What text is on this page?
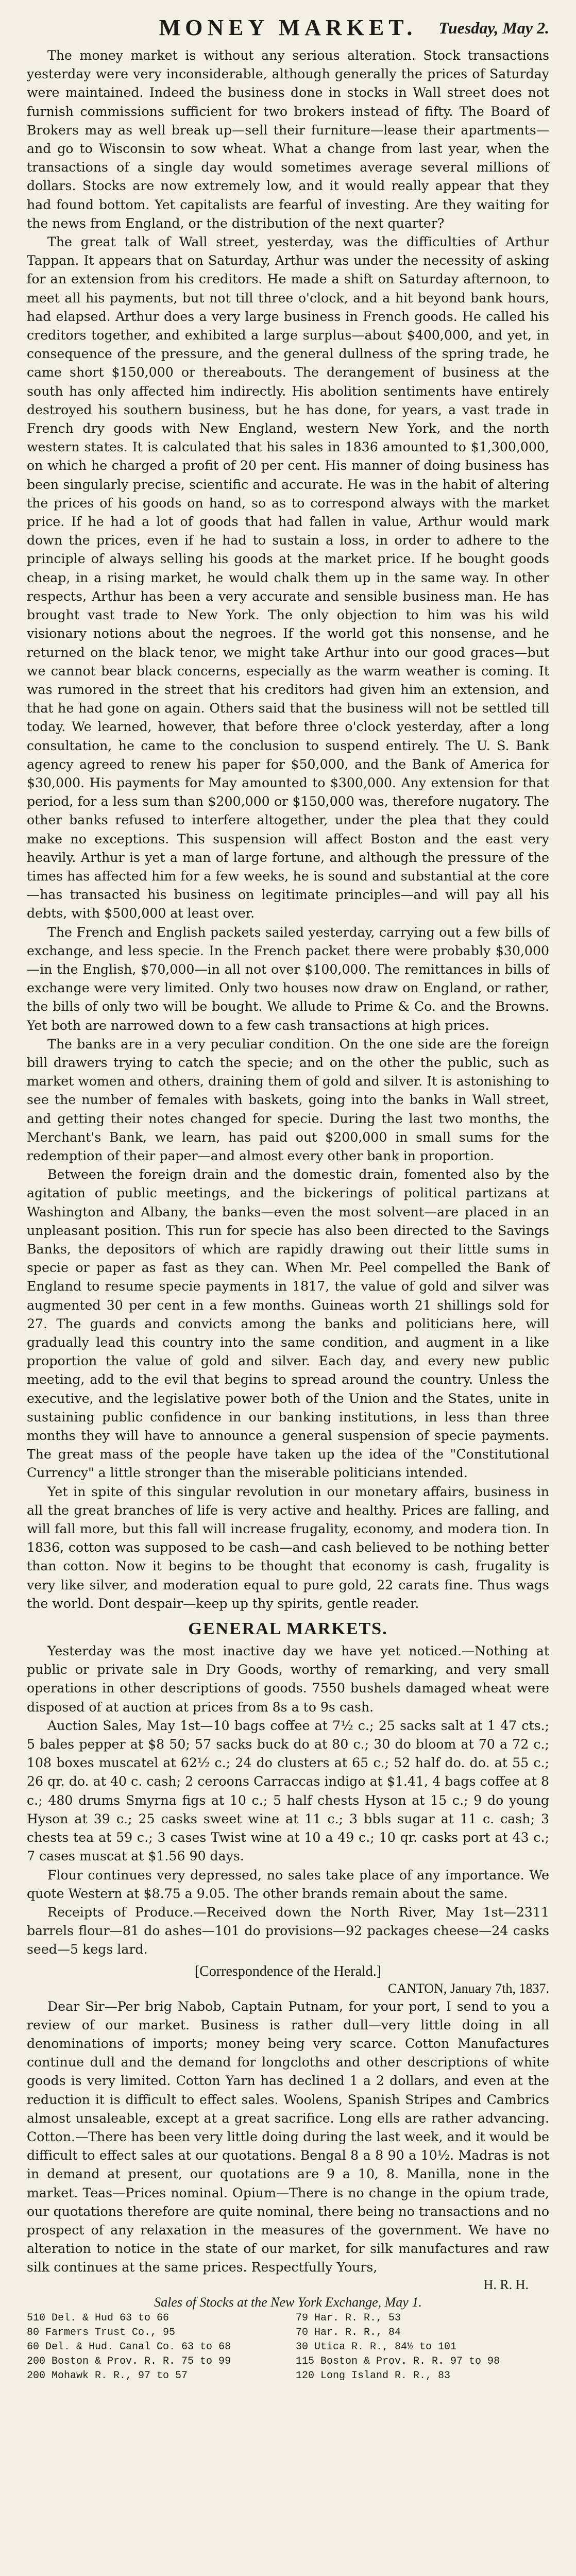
MONEY MARKET.	Tuesday, May 2.

The money market is without any serious alteration. Stock transactions yesterday were very inconsiderable, although generally the prices of Saturday were maintained. Indeed the business done in stocks in Wall street does not furnish commissions sufficient for two brokers instead of fifty. The Board of Brokers may as well break up—sell their furniture—lease their apartments—and go to Wisconsin to sow wheat. What a change from last year, when the transactions of a single day would sometimes average several millions of dollars. Stocks are now extremely low, and it would really appear that they had found bottom. Yet capitalists are fearful of investing. Are they waiting for the news from England, or the distribution of the next quarter?

The great talk of Wall street, yesterday, was the difficulties of Arthur Tappan. It appears that on Saturday, Arthur was under the necessity of asking for an extension from his creditors. He made a shift on Saturday afternoon, to meet all his payments, but not till three o'clock, and a hit beyond bank hours, had elapsed. Arthur does a very large business in French goods. He called his creditors together, and exhibited a large surplus—about $400,000, and yet, in consequence of the pressure, and the general dullness of the spring trade, he came short $150,000 or thereabouts. The derangement of business at the south has only affected him indirectly. His abolition sentiments have entirely destroyed his southern business, but he has done, for years, a vast trade in French dry goods with New England, western New York, and the north western states. It is calculated that his sales in 1836 amounted to $1,300,000, on which he charged a profit of 20 per cent. His manner of doing business has been singularly precise, scientific and accurate. He was in the habit of altering the prices of his goods on hand, so as to correspond always with the market price. If he had a lot of goods that had fallen in value, Arthur would mark down the prices, even if he had to sustain a loss, in order to adhere to the principle of always selling his goods at the market price. If he bought goods cheap, in a rising market, he would chalk them up in the same way. In other respects, Arthur has been a very accurate and sensible business man. He has brought vast trade to New York. The only objection to him was his wild visionary notions about the negroes. If the world got this nonsense, and he returned on the black tenor, we might take Arthur into our good graces—but we cannot bear black concerns, especially as the warm weather is coming. It was rumored in the street that his creditors had given him an extension, and that he had gone on again. Others said that the business will not be settled till today. We learned, however, that before three o'clock yesterday, after a long consultation, he came to the conclusion to suspend entirely. The U. S. Bank agency agreed to renew his paper for $50,000, and the Bank of America for $30,000. His payments for May amounted to $300,000. Any extension for that period, for a less sum than $200,000 or $150,000 was, therefore nugatory. The other banks refused to interfere altogether, under the plea that they could make no exceptions. This suspension will affect Boston and the east very heavily. Arthur is yet a man of large fortune, and although the pressure of the times has affected him for a few weeks, he is sound and substantial at the core—has transacted his business on legitimate principles—and will pay all his debts, with $500,000 at least over.

The French and English packets sailed yesterday, carrying out a few bills of exchange, and less specie. In the French packet there were probably $30,000—in the English, $70,000—in all not over $100,000. The remittances in bills of exchange were very limited. Only two houses now draw on England, or rather, the bills of only two will be bought. We allude to Prime & Co. and the Browns. Yet both are narrowed down to a few cash transactions at high prices.

The banks are in a very peculiar condition. On the one side are the foreign bill drawers trying to catch the specie; and on the other the public, such as market women and others, draining them of gold and silver. It is astonishing to see the number of females with baskets, going into the banks in Wall street, and getting their notes changed for specie. During the last two months, the Merchant's Bank, we learn, has paid out $200,000 in small sums for the redemption of their paper—and almost every other bank in proportion.

Between the foreign drain and the domestic drain, fomented also by the agitation of public meetings, and the bickerings of political partizans at Washington and Albany, the banks—even the most solvent—are placed in an unpleasant position. This run for specie has also been directed to the Savings Banks, the depositors of which are rapidly drawing out their little sums in specie or paper as fast as they can. When Mr. Peel compelled the Bank of England to resume specie payments in 1817, the value of gold and silver was augmented 30 per cent in a few months. Guineas worth 21 shillings sold for 27. The guards and convicts among the banks and politicians here, will gradually lead this country into the same condition, and augment in a like proportion the value of gold and silver. Each day, and every new public meeting, add to the evil that begins to spread around the country. Unless the executive, and the legislative power both of the Union and the States, unite in sustaining public confidence in our banking institutions, in less than three months they will have to announce a general suspension of specie payments. The great mass of the people have taken up the idea of the "Constitutional Currency" a little stronger than the miserable politicians intended.

Yet in spite of this singular revolution in our monetary affairs, business in all the great branches of life is very active and healthy. Prices are falling, and will fall more, but this fall will increase frugality, economy, and modera tion. In 1836, cotton was supposed to be cash—and cash believed to be nothing better than cotton. Now it begins to be thought that economy is cash, frugality is very like silver, and moderation equal to pure gold, 22 carats fine. Thus wags the world. Dont despair—keep up thy spirits, gentle reader.

GENERAL MARKETS.

Yesterday was the most inactive day we have yet noticed.—Nothing at public or private sale in Dry Goods, worthy of remarking, and very small operations in other descriptions of goods. 7550 bushels damaged wheat were disposed of at auction at prices from 8s a to 9s cash.

Auction Sales, May 1st—10 bags coffee at 7½ c.; 25 sacks salt at 1 47 cts.; 5 bales pepper at $8 50; 57 sacks buck do at 80 c.; 30 do bloom at 70 a 72 c.; 108 boxes muscatel at 62½ c.; 24 do clusters at 65 c.; 52 half do. do. at 55 c.; 26 qr. do. at 40 c. cash; 2 ceroons Carraccas indigo at $1.41, 4 bags coffee at 8 c.; 480 drums Smyrna figs at 10 c.; 5 half chests Hyson at 15 c.; 9 do young Hyson at 39 c.; 25 casks sweet wine at 11 c.; 3 bbls sugar at 11 c. cash; 3 chests tea at 59 c.; 3 cases Twist wine at 10 a 49 c.; 10 qr. casks port at 43 c.; 7 cases muscat at $1.56 90 days.

Flour continues very depressed, no sales take place of any importance. We quote Western at $8.75 a 9.05. The other brands remain about the same.

Receipts of Produce.—Received down the North River, May 1st—2311 barrels flour—81 do ashes—101 do provisions—92 packages cheese—24 casks seed—5 kegs lard.

[Correspondence of the Herald.]
CANTON, January 7th, 1837.

Dear Sir—Per brig Nabob, Captain Putnam, for your port, I send to you a review of our market. Business is rather dull—very little doing in all denominations of imports; money being very scarce. Cotton Manufactures continue dull and the demand for longcloths and other descriptions of white goods is very limited. Cotton Yarn has declined 1 a 2 dollars, and even at the reduction it is difficult to effect sales. Woolens, Spanish Stripes and Cambrics almost unsaleable, except at a great sacrifice. Long ells are rather advancing. Cotton.—There has been very little doing during the last week, and it would be difficult to effect sales at our quotations. Bengal 8 a 8 90 a 10½. Madras is not in demand at present, our quotations are 9 a 10, 8. Manilla, none in the market. Teas—Prices nominal. Opium—There is no change in the opium trade, our quotations therefore are quite nominal, there being no transactions and no prospect of any relaxation in the measures of the government. We have no alteration to notice in the state of our market, for silk manufactures and raw silk continues at the same prices. Respectfully Yours,

H. R. H.
Sales of Stocks at the New York Exchange, May 1.
510 Del. & Hud 63 to 66	79 Har. R. R., 53
80 Farmers Trust Co., 95	70 Har. R. R., 84
60 Del. & Hud. Canal Co. 63 to 68	30 Utica R. R., 84½ to 101
200 Boston & Prov. R. R. 75 to 99	115 Boston & Prov. R. R. 97 to 98
200 Mohawk R. R., 97 to 57	120 Long Island R. R., 83
